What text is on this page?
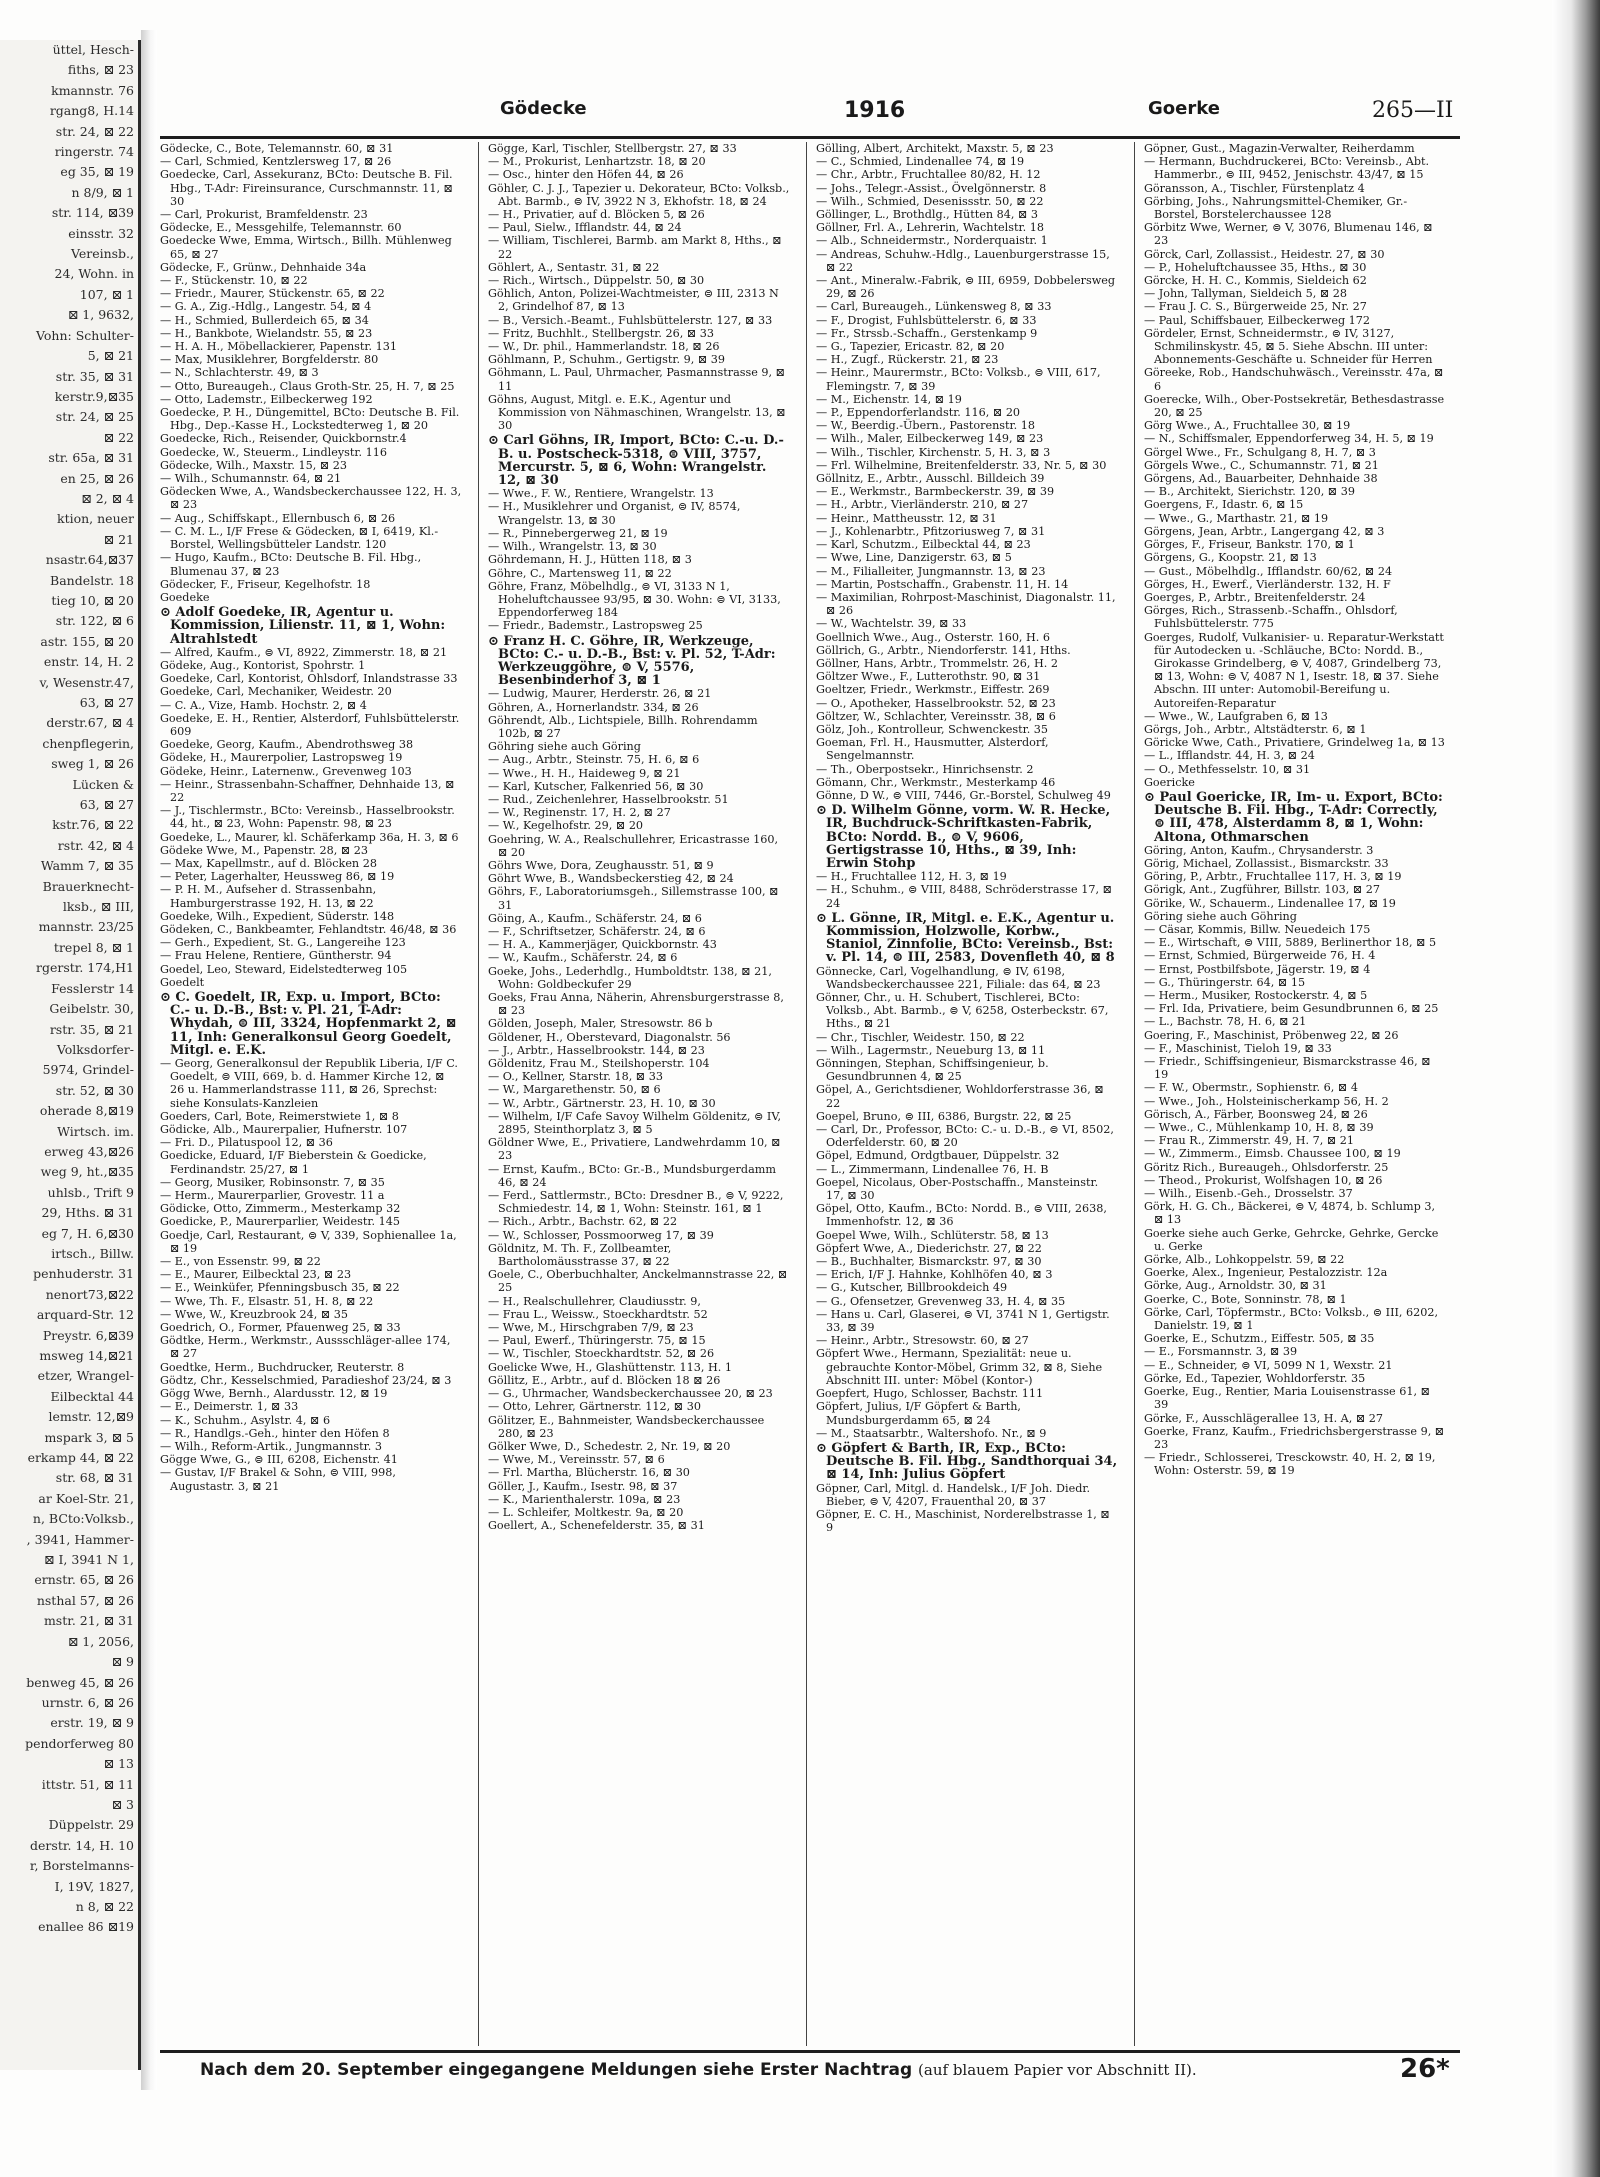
üttel, Hesch-
fiths, ⊠ 23
kmannstr. 76
rgang8, H.14
str. 24, ⊠ 22
ringerstr. 74
eg 35, ⊠ 19
n 8/9, ⊠ 1
str. 114, ⊠39
einsstr. 32
Vereinsb.,
24, Wohn. in
107, ⊠ 1
⊠ 1, 9632,
Vohn: Schulter-
5, ⊠ 21
str. 35, ⊠ 31
kerstr.9,⊠35
str. 24, ⊠ 25
⊠ 22
str. 65a, ⊠ 31
en 25, ⊠ 26
⊠ 2, ⊠ 4
ktion, neuer
⊠ 21
nsastr.64,⊠37
Bandelstr. 18
tieg 10, ⊠ 20
str. 122, ⊠ 6
astr. 155, ⊠ 20
enstr. 14, H. 2
v, Wesenstr.47,
63, ⊠ 27
derstr.67, ⊠ 4
chenpflegerin,
sweg 1, ⊠ 26
Lücken &
63, ⊠ 27
kstr.76, ⊠ 22
rstr. 42, ⊠ 4
Wamm 7, ⊠ 35
Brauerknecht-
lksb., ⊠ III,
mannstr. 23/25
trepel 8, ⊠ 1
rgerstr. 174,H1
Fesslerstr 14
Geibelstr. 30,
rstr. 35, ⊠ 21
Volksdorfer-
5974, Grindel-
str. 52, ⊠ 30
oherade 8,⊠19
Wirtsch. im.
erweg 43,⊠26
weg 9, ht.,⊠35
uhlsb., Trift 9
29, Hths. ⊠ 31
eg 7, H. 6,⊠30
irtsch., Billw.
penhuderstr. 31
nenort73,⊠22
arquard-Str. 12
Preystr. 6,⊠39
msweg 14,⊠21
etzer, Wrangel-
Eilbecktal 44
lemstr. 12,⊠9
mspark 3, ⊠ 5
erkamp 44, ⊠ 22
str. 68, ⊠ 31
ar Koel-Str. 21,
n, BCto:Volksb.,
, 3941, Hammer-
⊠ I, 3941 N 1,
ernstr. 65, ⊠ 26
nsthal 57, ⊠ 26
mstr. 21, ⊠ 31
⊠ 1, 2056,
⊠ 9
benweg 45, ⊠ 26
urnstr. 6, ⊠ 26
erstr. 19, ⊠ 9
pendorferweg 80
⊠ 13
ittstr. 51, ⊠ 11
⊠ 3
Düppelstr. 29
derstr. 14, H. 10
r, Borstelmanns-
I, 19V, 1827,
n 8, ⊠ 22
enallee 86 ⊠19
Gödecke	1916	Goerke	265—II

Gödecke, C., Bote, Telemannstr. 60, ⊠ 31

— Carl, Schmied, Kentzlersweg 17, ⊠ 26

Goedecke, Carl, Assekuranz, BCto: Deutsche B. Fil. Hbg., T-Adr: Fireinsurance, Curschmannstr. 11, ⊠ 30

— Carl, Prokurist, Bramfeldenstr. 23

Gödecke, E., Messgehilfe, Telemannstr. 60

Goedecke Wwe, Emma, Wirtsch., Billh. Mühlenweg 65, ⊠ 27

Gödecke, F., Grünw., Dehnhaide 34a

— F., Stückenstr. 10, ⊠ 22

— Friedr., Maurer, Stückenstr. 65, ⊠ 22

— G. A., Zig.-Hdlg., Langestr. 54, ⊠ 4

— H., Schmied, Bullerdeich 65, ⊠ 34

— H., Bankbote, Wielandstr. 55, ⊠ 23

— H. A. H., Möbellackierer, Papenstr. 131

— Max, Musiklehrer, Borgfelderstr. 80

— N., Schlachterstr. 49, ⊠ 3

— Otto, Bureaugeh., Claus Groth-Str. 25, H. 7, ⊠ 25

— Otto, Lademstr., Eilbeckerweg 192

Goedecke, P. H., Düngemittel, BCto: Deutsche B. Fil. Hbg., Dep.-Kasse H., Lockstedterweg 1, ⊠ 20

Goedecke, Rich., Reisender, Quickbornstr.4

Goedecke, W., Steuerm., Lindleystr. 116

Gödecke, Wilh., Maxstr. 15, ⊠ 23

— Wilh., Schumannstr. 64, ⊠ 21

Gödecken Wwe, A., Wandsbeckerchaussee 122, H. 3, ⊠ 23

— Aug., Schiffskapt., Ellernbusch 6, ⊠ 26

— C. M. L., I/F Frese & Gödecken, ⊠ I, 6419, Kl.-Borstel, Wellingsbütteler Landstr. 120

— Hugo, Kaufm., BCto: Deutsche B. Fil. Hbg., Blumenau 37, ⊠ 23

Gödecker, F., Friseur, Kegelhofstr. 18

Goedeke

⊙ Adolf Goedeke, IR, Agentur u. Kommission, Lilienstr. 11, ⊠ 1, Wohn: Altrahlstedt

— Alfred, Kaufm., ⊜ VI, 8922, Zimmerstr. 18, ⊠ 21

Gödeke, Aug., Kontorist, Spohrstr. 1

Goedeke, Carl, Kontorist, Ohlsdorf, Inlandstrasse 33

Goedeke, Carl, Mechaniker, Weidestr. 20

— C. A., Vize, Hamb. Hochstr. 2, ⊠ 4

Goedeke, E. H., Rentier, Alsterdorf, Fuhlsbüttelerstr. 609

Goedeke, Georg, Kaufm., Abendrothsweg 38

Gödeke, H., Maurerpolier, Lastropsweg 19

Gödeke, Heinr., Laternenw., Grevenweg 103

— Heinr., Strassenbahn-Schaffner, Dehnhaide 13, ⊠ 22

— J., Tischlermstr., BCto: Vereinsb., Hasselbrookstr. 44, ht., ⊠ 23, Wohn: Papenstr. 98, ⊠ 23

Goedeke, L., Maurer, kl. Schäferkamp 36a, H. 3, ⊠ 6

Gödeke Wwe, M., Papenstr. 28, ⊠ 23

— Max, Kapellmstr., auf d. Blöcken 28

— Peter, Lagerhalter, Heussweg 86, ⊠ 19

— P. H. M., Aufseher d. Strassenbahn, Hamburgerstrasse 192, H. 13, ⊠ 22

Goedeke, Wilh., Expedient, Süderstr. 148

Gödeken, C., Bankbeamter, Fehlandtstr. 46/48, ⊠ 36

— Gerh., Expedient, St. G., Langereihe 123

— Frau Helene, Rentiere, Güntherstr. 94

Goedel, Leo, Steward, Eidelstedterweg 105

Goedelt

⊙ C. Goedelt, IR, Exp. u. Import, BCto: C.- u. D.-B., Bst: v. Pl. 21, T-Adr: Whydah, ⊜ III, 3324, Hopfenmarkt 2, ⊠ 11, Inh: Generalkonsul Georg Goedelt, Mitgl. e. E.K.

— Georg, Generalkonsul der Republik Liberia, I/F C. Goedelt, ⊜ VIII, 669, b. d. Hammer Kirche 12, ⊠ 26 u. Hammerlandstrasse 111, ⊠ 26, Sprechst: siehe Konsulats-Kanzleien

Goeders, Carl, Bote, Reimerstwiete 1, ⊠ 8

Gödicke, Alb., Maurerpalier, Hufnerstr. 107

— Fri. D., Pilatuspool 12, ⊠ 36

Goedicke, Eduard, I/F Bieberstein & Goedicke, Ferdinandstr. 25/27, ⊠ 1

— Georg, Musiker, Robinsonstr. 7, ⊠ 35

— Herm., Maurerparlier, Grovestr. 11 a

Gödicke, Otto, Zimmerm., Mesterkamp 32

Goedicke, P., Maurerparlier, Weidestr. 145

Goedje, Carl, Restaurant, ⊜ V, 339, Sophienallee 1a, ⊠ 19

— E., von Essenstr. 99, ⊠ 22

— E., Maurer, Eilbecktal 23, ⊠ 23

— E., Weinküfer, Pfenningsbusch 35, ⊠ 22

— Wwe, Th. F., Elsastr. 51, H. 8, ⊠ 22

— Wwe, W., Kreuzbrook 24, ⊠ 35

Goedrich, O., Former, Pfauenweg 25, ⊠ 33

Gödtke, Herm., Werkmstr., Aussschläger-allee 174, ⊠ 27

Goedtke, Herm., Buchdrucker, Reuterstr. 8

Gödtz, Chr., Kesselschmied, Paradieshof 23/24, ⊠ 3

Gögg Wwe, Bernh., Alardusstr. 12, ⊠ 19

— E., Deimerstr. 1, ⊠ 33

— K., Schuhm., Asylstr. 4, ⊠ 6

— R., Handlgs.-Geh., hinter den Höfen 8

— Wilh., Reform-Artik., Jungmannstr. 3

Gögge Wwe, G., ⊜ III, 6208, Eichenstr. 41

— Gustav, I/F Brakel & Sohn, ⊜ VIII, 998, Augustastr. 3, ⊠ 21

Gögge, Karl, Tischler, Stellbergstr. 27, ⊠ 33

— M., Prokurist, Lenhartzstr. 18, ⊠ 20

— Osc., hinter den Höfen 44, ⊠ 26

Göhler, C. J. J., Tapezier u. Dekorateur, BCto: Volksb., Abt. Barmb., ⊜ IV, 3922 N 3, Ekhofstr. 18, ⊠ 24

— H., Privatier, auf d. Blöcken 5, ⊠ 26

— Paul, Sielw., Ifflandstr. 44, ⊠ 24

— William, Tischlerei, Barmb. am Markt 8, Hths., ⊠ 22

Göhlert, A., Sentastr. 31, ⊠ 22

— Rich., Wirtsch., Düppelstr. 50, ⊠ 30

Göhlich, Anton, Polizei-Wachtmeister, ⊜ III, 2313 N 2, Grindelhof 87, ⊠ 13

— B., Versich.-Beamt., Fuhlsbüttelerstr. 127, ⊠ 33

— Fritz, Buchhlt., Stellbergstr. 26, ⊠ 33

— W., Dr. phil., Hammerlandstr. 18, ⊠ 26

Göhlmann, P., Schuhm., Gertigstr. 9, ⊠ 39

Göhmann, L. Paul, Uhrmacher, Pasmannstrasse 9, ⊠ 11

Göhns, August, Mitgl. e. E.K., Agentur und Kommission von Nähmaschinen, Wrangelstr. 13, ⊠ 30

⊙ Carl Göhns, IR, Import, BCto: C.-u. D.-B. u. Postscheck-5318, ⊜ VIII, 3757, Mercurstr. 5, ⊠ 6, Wohn: Wrangelstr. 12, ⊠ 30

— Wwe., F. W., Rentiere, Wrangelstr. 13

— H., Musiklehrer und Organist, ⊜ IV, 8574, Wrangelstr. 13, ⊠ 30

— R., Pinnebergerweg 21, ⊠ 19

— Wilh., Wrangelstr. 13, ⊠ 30

Göhrdemann, H. J., Hütten 118, ⊠ 3

Göhre, C., Martensweg 11, ⊠ 22

Göhre, Franz, Möbelhdlg., ⊜ VI, 3133 N 1, Hoheluftchaussee 93/95, ⊠ 30. Wohn: ⊜ VI, 3133, Eppendorferweg 184

— Friedr., Bademstr., Lastropsweg 25

⊙ Franz H. C. Göhre, IR, Werkzeuge, BCto: C.- u. D.-B., Bst: v. Pl. 52, T-Adr: Werkzeuggöhre, ⊜ V, 5576, Besenbinderhof 3, ⊠ 1

— Ludwig, Maurer, Herderstr. 26, ⊠ 21

Göhren, A., Hornerlandstr. 334, ⊠ 26

Göhrendt, Alb., Lichtspiele, Billh. Rohrendamm 102b, ⊠ 27

Göhring siehe auch Göring

— Aug., Arbtr., Steinstr. 75, H. 6, ⊠ 6

— Wwe., H. H., Haideweg 9, ⊠ 21

— Karl, Kutscher, Falkenried 56, ⊠ 30

— Rud., Zeichenlehrer, Hasselbrookstr. 51

— W., Reginenstr. 17, H. 2, ⊠ 27

— W., Kegelhofstr. 29, ⊠ 20

Goehring, W. A., Realschullehrer, Ericastrasse 160, ⊠ 20

Göhrs Wwe, Dora, Zeughausstr. 51, ⊠ 9

Göhrt Wwe, B., Wandsbeckerstieg 42, ⊠ 24

Göhrs, F., Laboratoriumsgeh., Sillemstrasse 100, ⊠ 31

Göing, A., Kaufm., Schäferstr. 24, ⊠ 6

— F., Schriftsetzer, Schäferstr. 24, ⊠ 6

— H. A., Kammerjäger, Quickbornstr. 43

— W., Kaufm., Schäferstr. 24, ⊠ 6

Goeke, Johs., Lederhdlg., Humboldtstr. 138, ⊠ 21, Wohn: Goldbeckufer 29

Goeks, Frau Anna, Näherin, Ahrensburgerstrasse 8, ⊠ 23

Gölden, Joseph, Maler, Stresowstr. 86 b

Göldener, H., Oberstevard, Diagonalstr. 56

— J., Arbtr., Hasselbrookstr. 144, ⊠ 23

Göldenitz, Frau M., Steilshoperstr. 104

— O., Kellner, Starstr. 18, ⊠ 33

— W., Margarethenstr. 50, ⊠ 6

— W., Arbtr., Gärtnerstr. 23, H. 10, ⊠ 30

— Wilhelm, I/F Cafe Savoy Wilhelm Göldenitz, ⊜ IV, 2895, Steinthorplatz 3, ⊠ 5

Göldner Wwe, E., Privatiere, Landwehrdamm 10, ⊠ 23

— Ernst, Kaufm., BCto: Gr.-B., Mundsburgerdamm 46, ⊠ 24

— Ferd., Sattlermstr., BCto: Dresdner B., ⊜ V, 9222, Schmiedestr. 14, ⊠ 1, Wohn: Steinstr. 161, ⊠ 1

— Rich., Arbtr., Bachstr. 62, ⊠ 22

— W., Schlosser, Possmoorweg 17, ⊠ 39

Göldnitz, M. Th. F., Zollbeamter, Bartholomäusstrasse 37, ⊠ 22

Goele, C., Oberbuchhalter, Anckelmannstrasse 22, ⊠ 25

— H., Realschullehrer, Claudiusstr. 9,

— Frau L., Weissw., Stoeckhardtstr. 52

— Wwe, M., Hirschgraben 7/9, ⊠ 23

— Paul, Ewerf., Thüringerstr. 75, ⊠ 15

— W., Tischler, Stoeckhardtstr. 52, ⊠ 26

Goelicke Wwe, H., Glashüttenstr. 113, H. 1

Göllitz, E., Arbtr., auf d. Blöcken 18 ⊠ 26

— G., Uhrmacher, Wandsbeckerchaussee 20, ⊠ 23

— Otto, Lehrer, Gärtnerstr. 112, ⊠ 30

Gölitzer, E., Bahnmeister, Wandsbeckerchaussee 280, ⊠ 23

Gölker Wwe, D., Schedestr. 2, Nr. 19, ⊠ 20

— Wwe, M., Vereinsstr. 57, ⊠ 6

— Frl. Martha, Blücherstr. 16, ⊠ 30

Göller, J., Kaufm., Isestr. 98, ⊠ 37

— K., Marienthalerstr. 109a, ⊠ 23

— L. Schleifer, Moltkestr. 9a, ⊠ 20

Goellert, A., Schenefelderstr. 35, ⊠ 31

Gölling, Albert, Architekt, Maxstr. 5, ⊠ 23

— C., Schmied, Lindenallee 74, ⊠ 19

— Chr., Arbtr., Fruchtallee 80/82, H. 12

— Johs., Telegr.-Assist., Övelgönnerstr. 8

— Wilh., Schmied, Desenissstr. 50, ⊠ 22

Göllinger, L., Brothdlg., Hütten 84, ⊠ 3

Göllner, Frl. A., Lehrerin, Wachtelstr. 18

— Alb., Schneidermstr., Norderquaistr. 1

— Andreas, Schuhw.-Hdlg., Lauenburgerstrasse 15, ⊠ 22

— Ant., Mineralw.-Fabrik, ⊜ III, 6959, Dobbelersweg 29, ⊠ 26

— Carl, Bureaugeh., Lünkensweg 8, ⊠ 33

— F., Drogist, Fuhlsbüttelerstr. 6, ⊠ 33

— Fr., Strssb.-Schaffn., Gerstenkamp 9

— G., Tapezier, Ericastr. 82, ⊠ 20

— H., Zugf., Rückerstr. 21, ⊠ 23

— Heinr., Maurermstr., BCto: Volksb., ⊜ VIII, 617, Flemingstr. 7, ⊠ 39

— M., Eichenstr. 14, ⊠ 19

— P., Eppendorferlandstr. 116, ⊠ 20

— W., Beerdig.-Übern., Pastorenstr. 18

— Wilh., Maler, Eilbeckerweg 149, ⊠ 23

— Wilh., Tischler, Kirchenstr. 5, H. 3, ⊠ 3

— Frl. Wilhelmine, Breitenfelderstr. 33, Nr. 5, ⊠ 30

Göllnitz, E., Arbtr., Ausschl. Billdeich 39

— E., Werkmstr., Barmbeckerstr. 39, ⊠ 39

— H., Arbtr., Vierländerstr. 210, ⊠ 27

— Heinr., Mattheusstr. 12, ⊠ 31

— J., Kohlenarbtr., Pfitzoriusweg 7, ⊠ 31

— Karl, Schutzm., Eilbecktal 44, ⊠ 23

— Wwe, Line, Danzigerstr. 63, ⊠ 5

— M., Filialleiter, Jungmannstr. 13, ⊠ 23

— Martin, Postschaffn., Grabenstr. 11, H. 14

— Maximilian, Rohrpost-Maschinist, Diagonalstr. 11, ⊠ 26

— W., Wachtelstr. 39, ⊠ 33

Goellnich Wwe., Aug., Osterstr. 160, H. 6

Göllrich, G., Arbtr., Niendorferstr. 141, Hths.

Göllner, Hans, Arbtr., Trommelstr. 26, H. 2

Göltzer Wwe., F., Lutterothstr. 90, ⊠ 31

Goeltzer, Friedr., Werkmstr., Eiffestr. 269

— O., Apotheker, Hasselbrookstr. 52, ⊠ 23

Göltzer, W., Schlachter, Vereinsstr. 38, ⊠ 6

Gölz, Joh., Kontrolleur, Schwenckestr. 35

Goeman, Frl. H., Hausmutter, Alsterdorf, Sengelmannstr.

— Th., Oberpostsekr., Hinrichsenstr. 2

Gömann, Chr., Werkmstr., Mesterkamp 46

Gönne, D W., ⊜ VIII, 7446, Gr.-Borstel, Schulweg 49

⊙ D. Wilhelm Gönne, vorm. W. R. Hecke, IR, Buchdruck-Schriftkasten-Fabrik, BCto: Nordd. B., ⊜ V, 9606, Gertigstrasse 10, Hths., ⊠ 39, Inh: Erwin Stohp

— H., Fruchtallee 112, H. 3, ⊠ 19

— H., Schuhm., ⊜ VIII, 8488, Schröderstrasse 17, ⊠ 24

⊙ L. Gönne, IR, Mitgl. e. E.K., Agentur u. Kommission, Holzwolle, Korbw., Staniol, Zinnfolie, BCto: Vereinsb., Bst: v. Pl. 14, ⊜ III, 2583, Dovenfleth 40, ⊠ 8

Gönnecke, Carl, Vogelhandlung, ⊜ IV, 6198, Wandsbeckerchaussee 221, Filiale: das 64, ⊠ 23

Gönner, Chr., u. H. Schubert, Tischlerei, BCto: Volksb., Abt. Barmb., ⊜ V, 6258, Osterbeckstr. 67, Hths., ⊠ 21

— Chr., Tischler, Weidestr. 150, ⊠ 22

— Wilh., Lagermstr., Neueburg 13, ⊠ 11

Gönningen, Stephan, Schiffsingenieur, b. Gesundbrunnen 4, ⊠ 25

Göpel, A., Gerichtsdiener, Wohldorferstrasse 36, ⊠ 22

Goepel, Bruno, ⊜ III, 6386, Burgstr. 22, ⊠ 25

— Carl, Dr., Professor, BCto: C.- u. D.-B., ⊜ VI, 8502, Oderfelderstr. 60, ⊠ 20

Göpel, Edmund, Ordgtbauer, Düppelstr. 32

— L., Zimmermann, Lindenallee 76, H. B

Goepel, Nicolaus, Ober-Postschaffn., Mansteinstr. 17, ⊠ 30

Göpel, Otto, Kaufm., BCto: Nordd. B., ⊜ VIII, 2638, Immenhofstr. 12, ⊠ 36

Goepel Wwe, Wilh., Schlüterstr. 58, ⊠ 13

Göpfert Wwe, A., Diederichstr. 27, ⊠ 22

— B., Buchhalter, Bismarckstr. 97, ⊠ 30

— Erich, I/F J. Hahnke, Kohlhöfen 40, ⊠ 3

— G., Kutscher, Billbrookdeich 49

— G., Ofensetzer, Grevenweg 33, H. 4, ⊠ 35

— Hans u. Carl, Glaserei, ⊜ VI, 3741 N 1, Gertigstr. 33, ⊠ 39

— Heinr., Arbtr., Stresowstr. 60, ⊠ 27

Göpfert Wwe., Hermann, Spezialität: neue u. gebrauchte Kontor-Möbel, Grimm 32, ⊠ 8, Siehe Abschnitt III. unter: Möbel (Kontor-)

Goepfert, Hugo, Schlosser, Bachstr. 111

Göpfert, Julius, I/F Göpfert & Barth, Mundsburgerdamm 65, ⊠ 24

— M., Staatsarbtr., Waltershofo. Nr., ⊠ 9

⊙ Göpfert & Barth, IR, Exp., BCto: Deutsche B. Fil. Hbg., Sandthorquai 34, ⊠ 14, Inh: Julius Göpfert

Göpner, Carl, Mitgl. d. Handelsk., I/F Joh. Diedr. Bieber, ⊜ V, 4207, Frauenthal 20, ⊠ 37

Göpner, E. C. H., Maschinist, Norderelbstrasse 1, ⊠ 9

Göpner, Gust., Magazin-Verwalter, Reiherdamm

— Hermann, Buchdruckerei, BCto: Vereinsb., Abt. Hammerbr., ⊜ III, 9452, Jenischstr. 43/47, ⊠ 15

Göransson, A., Tischler, Fürstenplatz 4

Görbing, Johs., Nahrungsmittel-Chemiker, Gr.-Borstel, Borstelerchaussee 128

Görbitz Wwe, Werner, ⊜ V, 3076, Blumenau 146, ⊠ 23

Görck, Carl, Zollassist., Heidestr. 27, ⊠ 30

— P., Hoheluftchaussee 35, Hths., ⊠ 30

Görcke, H. H. C., Kommis, Sieldeich 62

— John, Tallyman, Sieldeich 5, ⊠ 28

— Frau J. C. S., Bürgerweide 25, Nr. 27

— Paul, Schiffsbauer, Eilbeckerweg 172

Gördeler, Ernst, Schneidermstr., ⊜ IV, 3127, Schmilinskystr. 45, ⊠ 5. Siehe Abschn. III unter: Abonnements-Geschäfte u. Schneider für Herren

Göreeke, Rob., Handschuhwäsch., Vereinsstr. 47a, ⊠ 6

Goerecke, Wilh., Ober-Postsekretär, Bethesdastrasse 20, ⊠ 25

Görg Wwe., A., Fruchtallee 30, ⊠ 19

— N., Schiffsmaler, Eppendorferweg 34, H. 5, ⊠ 19

Görgel Wwe., Fr., Schulgang 8, H. 7, ⊠ 3

Görgels Wwe., C., Schumannstr. 71, ⊠ 21

Görgens, Ad., Bauarbeiter, Dehnhaide 38

— B., Architekt, Sierichstr. 120, ⊠ 39

Goergens, F., Idastr. 6, ⊠ 15

— Wwe., G., Marthastr. 21, ⊠ 19

Görgens, Jean, Arbtr., Langergang 42, ⊠ 3

Görges, F., Friseur, Bankstr. 170, ⊠ 1

Görgens, G., Koopstr. 21, ⊠ 13

— Gust., Möbelhdlg., Ifflandstr. 60/62, ⊠ 24

Görges, H., Ewerf., Vierländerstr. 132, H. F

Goerges, P., Arbtr., Breitenfelderstr. 24

Görges, Rich., Strassenb.-Schaffn., Ohlsdorf, Fuhlsbüttelerstr. 775

Goerges, Rudolf, Vulkanisier- u. Reparatur-Werkstatt für Autodecken u. -Schläuche, BCto: Nordd. B., Girokasse Grindelberg, ⊜ V, 4087, Grindelberg 73, ⊠ 13, Wohn: ⊜ V, 4087 N 1, Isestr. 18, ⊠ 37. Siehe Abschn. III unter: Automobil-Bereifung u. Autoreifen-Reparatur

— Wwe., W., Laufgraben 6, ⊠ 13

Görgs, Joh., Arbtr., Altstädterstr. 6, ⊠ 1

Göricke Wwe, Cath., Privatiere, Grindelweg 1a, ⊠ 13

— L., Ifflandstr. 44, H. 3, ⊠ 24

— O., Methfesselstr. 10, ⊠ 31

Goericke

⊙ Paul Goericke, IR, Im- u. Export, BCto: Deutsche B. Fil. Hbg., T-Adr: Correctly, ⊜ III, 478, Alsterdamm 8, ⊠ 1, Wohn: Altona, Othmarschen

Göring, Anton, Kaufm., Chrysanderstr. 3

Görig, Michael, Zollassist., Bismarckstr. 33

Göring, P., Arbtr., Fruchtallee 117, H. 3, ⊠ 19

Görigk, Ant., Zugführer, Billstr. 103, ⊠ 27

Görike, W., Schauerm., Lindenallee 17, ⊠ 19

Göring siehe auch Göhring

— Cäsar, Kommis, Billw. Neuedeich 175

— E., Wirtschaft, ⊜ VIII, 5889, Berlinerthor 18, ⊠ 5

— Ernst, Schmied, Bürgerweide 76, H. 4

— Ernst, Postbilfsbote, Jägerstr. 19, ⊠ 4

— G., Thüringerstr. 64, ⊠ 15

— Herm., Musiker, Rostockerstr. 4, ⊠ 5

— Frl. Ida, Privatiere, beim Gesundbrunnen 6, ⊠ 25

— L., Bachstr. 78, H. 6, ⊠ 21

Goering, F., Maschinist, Pröbenweg 22, ⊠ 26

— F., Maschinist, Tieloh 19, ⊠ 33

— Friedr., Schiffsingenieur, Bismarckstrasse 46, ⊠ 19

— F. W., Obermstr., Sophienstr. 6, ⊠ 4

— Wwe., Joh., Holsteinischerkamp 56, H. 2

Görisch, A., Färber, Boonsweg 24, ⊠ 26

— Wwe., C., Mühlenkamp 10, H. 8, ⊠ 39

— Frau R., Zimmerstr. 49, H. 7, ⊠ 21

— W., Zimmerm., Eimsb. Chaussee 100, ⊠ 19

Göritz Rich., Bureaugeh., Ohlsdorferstr. 25

— Theod., Prokurist, Wolfshagen 10, ⊠ 26

— Wilh., Eisenb.-Geh., Drosselstr. 37

Görk, H. G. Ch., Bäckerei, ⊜ V, 4874, b. Schlump 3, ⊠ 13

Goerke siehe auch Gerke, Gehrcke, Gehrke, Gercke u. Gerke

Görke, Alb., Lohkoppelstr. 59, ⊠ 22

Goerke, Alex., Ingenieur, Pestalozzistr. 12a

Görke, Aug., Arnoldstr. 30, ⊠ 31

Goerke, C., Bote, Sonninstr. 78, ⊠ 1

Görke, Carl, Töpfermstr., BCto: Volksb., ⊜ III, 6202, Danielstr. 19, ⊠ 1

Goerke, E., Schutzm., Eiffestr. 505, ⊠ 35

— E., Forsmannstr. 3, ⊠ 39

— E., Schneider, ⊜ VI, 5099 N 1, Wexstr. 21

Görke, Ed., Tapezier, Wohldorferstr. 35

Goerke, Eug., Rentier, Maria Louisenstrasse 61, ⊠ 39

Görke, F., Ausschlägerallee 13, H. A, ⊠ 27

Goerke, Franz, Kaufm., Friedrichsbergerstrasse 9, ⊠ 23

— Friedr., Schlosserei, Tresckowstr. 40, H. 2, ⊠ 19, Wohn: Osterstr. 59, ⊠ 19

Nach dem 20. September eingegangene Meldungen siehe Erster Nachtrag (auf blauem Papier vor Abschnitt II).	26*
